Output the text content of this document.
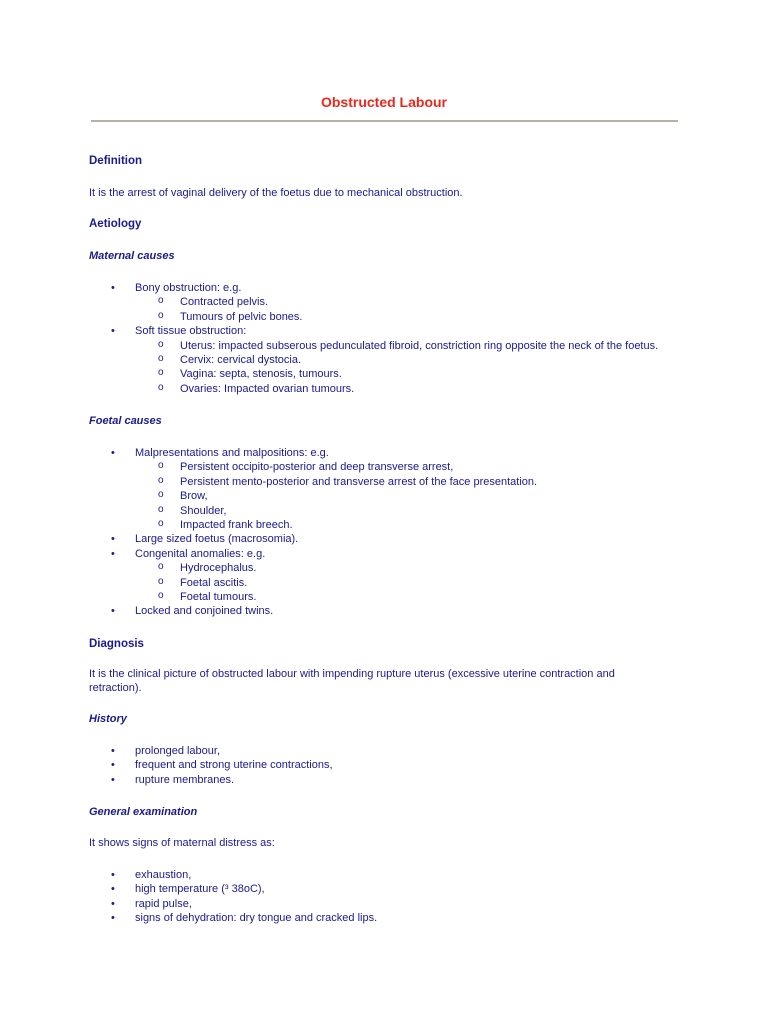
Obstructed Labour

Definition

It is the arrest of vaginal delivery of the foetus due to mechanical obstruction.

Aetiology

Maternal causes

• Bony obstruction: e.g.
o Contracted pelvis.
o Tumours of pelvic bones.
• Soft tissue obstruction:
o Uterus: impacted subserous pedunculated fibroid, constriction ring opposite the neck of the foetus.
o Cervix: cervical dystocia.
o Vagina: septa, stenosis, tumours.
o Ovaries: Impacted ovarian tumours.

Foetal causes

• Malpresentations and malpositions: e.g.
o Persistent occipito-posterior and deep transverse arrest,
o Persistent mento-posterior and transverse arrest of the face presentation.
o Brow,
o Shoulder,
o Impacted frank breech.
• Large sized foetus (macrosomia).
• Congenital anomalies: e.g.
o Hydrocephalus.
o Foetal ascitis.
o Foetal tumours.
• Locked and conjoined twins.

Diagnosis

It is the clinical picture of obstructed labour with impending rupture uterus (excessive uterine contraction and retraction).

History

• prolonged labour,
• frequent and strong uterine contractions,
• rupture membranes.

General examination

It shows signs of maternal distress as:

• exhaustion,
• high temperature (³ 38oC),
• rapid pulse,
• signs of dehydration: dry tongue and cracked lips.
